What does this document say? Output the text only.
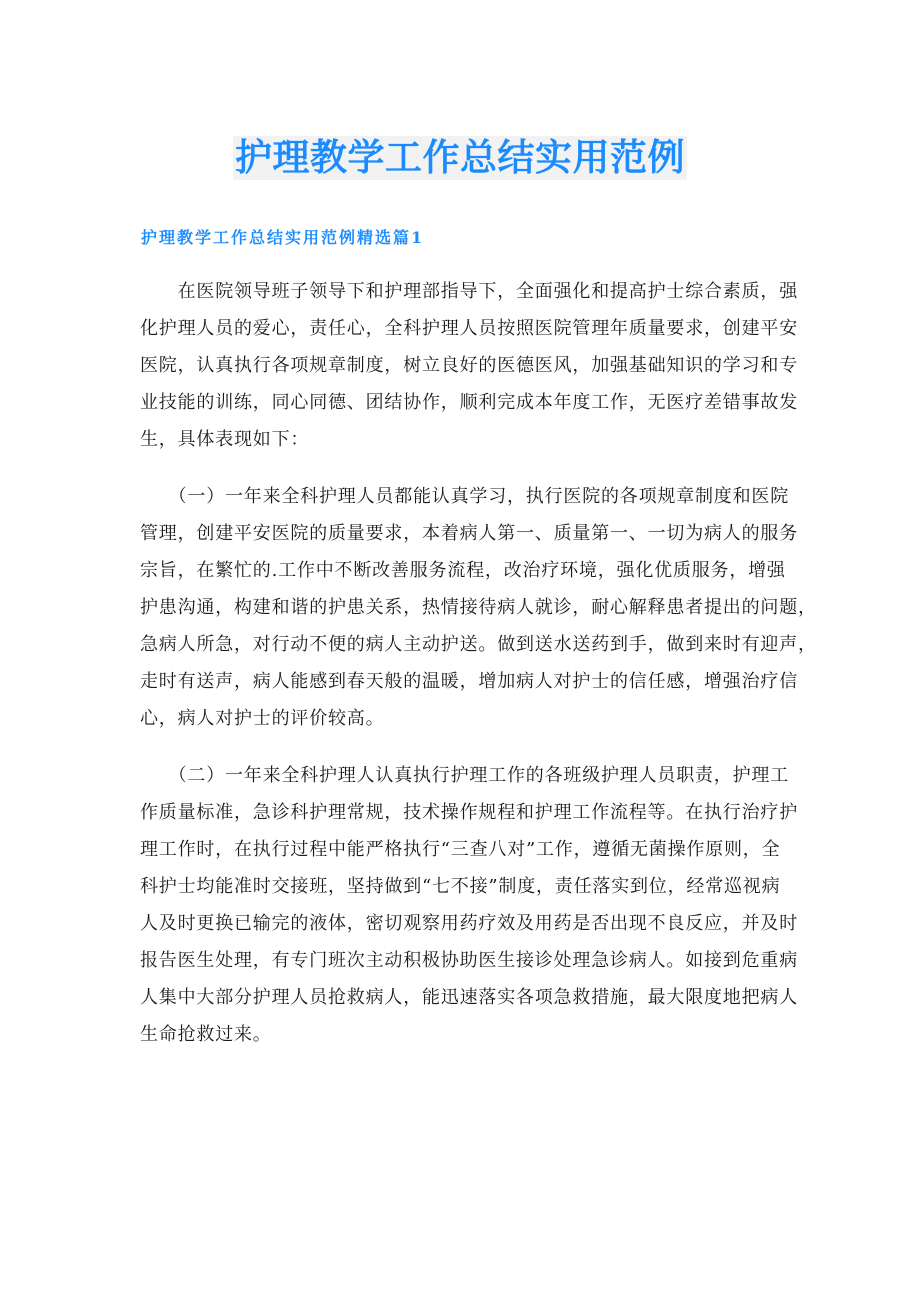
护理教学工作总结实用范例
护理教学工作总结实用范例精选篇1
　　在医院领导班子领导下和护理部指导下，全面强化和提高护士综合素质，强
化护理人员的爱心，责任心，全科护理人员按照医院管理年质量要求，创建平安
医院，认真执行各项规章制度，树立良好的医德医风，加强基础知识的学习和专
业技能的训练，同心同德、团结协作，顺利完成本年度工作，无医疗差错事故发
生，具体表现如下：
　　（一）一年来全科护理人员都能认真学习，执行医院的各项规章制度和医院
管理，创建平安医院的质量要求，本着病人第一、质量第一、一切为病人的服务
宗旨，在繁忙的.工作中不断改善服务流程，改治疗环境，强化优质服务，增强
护患沟通，构建和谐的护患关系，热情接待病人就诊，耐心解释患者提出的问题，
急病人所急，对行动不便的病人主动护送。做到送水送药到手，做到来时有迎声，
走时有送声，病人能感到春天般的温暖，增加病人对护士的信任感，增强治疗信
心，病人对护士的评价较高。
　　（二）一年来全科护理人认真执行护理工作的各班级护理人员职责，护理工
作质量标准，急诊科护理常规，技术操作规程和护理工作流程等。在执行治疗护
理工作时，在执行过程中能严格执行“三查八对”工作，遵循无菌操作原则，全
科护士均能准时交接班，坚持做到“七不接”制度，责任落实到位，经常巡视病
人及时更换已输完的液体，密切观察用药疗效及用药是否出现不良反应，并及时
报告医生处理，有专门班次主动积极协助医生接诊处理急诊病人。如接到危重病
人集中大部分护理人员抢救病人，能迅速落实各项急救措施，最大限度地把病人
生命抢救过来。
